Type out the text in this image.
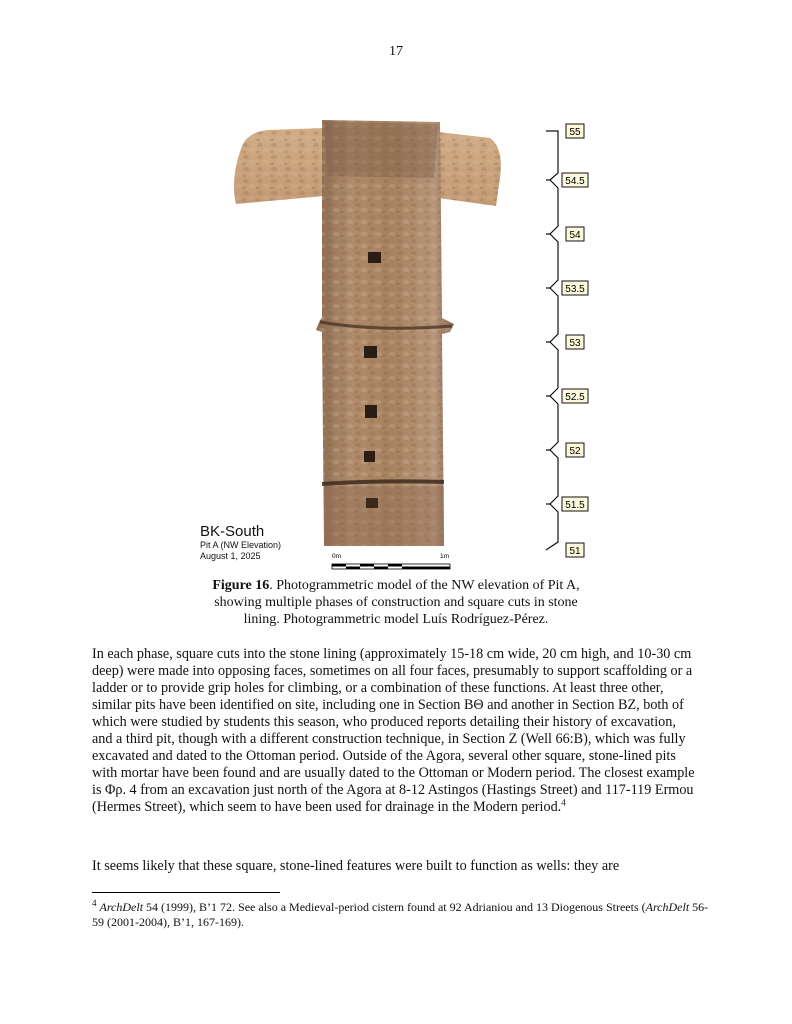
17
55
54.5
54
53.5
53
52.5
52
51.5
51
0m	1m
BK-South
Pit A (NW Elevation)
August 1, 2025
Figure 16. Photogrammetric model of the NW elevation of Pit A, showing multiple phases of construction and square cuts in stone lining. Photogrammetric model Luís Rodríguez-Pérez.

In each phase, square cuts into the stone lining (approximately 15-18 cm wide, 20 cm high, and 10-30 cm deep) were made into opposing faces, sometimes on all four faces, presumably to support scaffolding or a ladder or to provide grip holes for climbing, or a combination of these functions. At least three other, similar pits have been identified on site, including one in Section ΒΘ and another in Section BZ, both of which were studied by students this season, who produced reports detailing their history of excavation, and a third pit, though with a different construction technique, in Section Z (Well 66:B), which was fully excavated and dated to the Ottoman period. Outside of the Agora, several other square, stone-lined pits with mortar have been found and are usually dated to the Ottoman or Modern period. The closest example is Φρ. 4 from an excavation just north of the Agora at 8-12 Astingos (Hastings Street) and 117-119 Ermou (Hermes Street), which seem to have been used for drainage in the Modern period.$^4$

It seems likely that these square, stone-lined features were built to function as wells: they are
$^4$ ArchDelt 54 (1999), B’1 72. See also a Medieval-period cistern found at 92 Adrianiou and 13 Diogenous Streets (ArchDelt 56-59 (2001-2004), B’1, 167-169).
